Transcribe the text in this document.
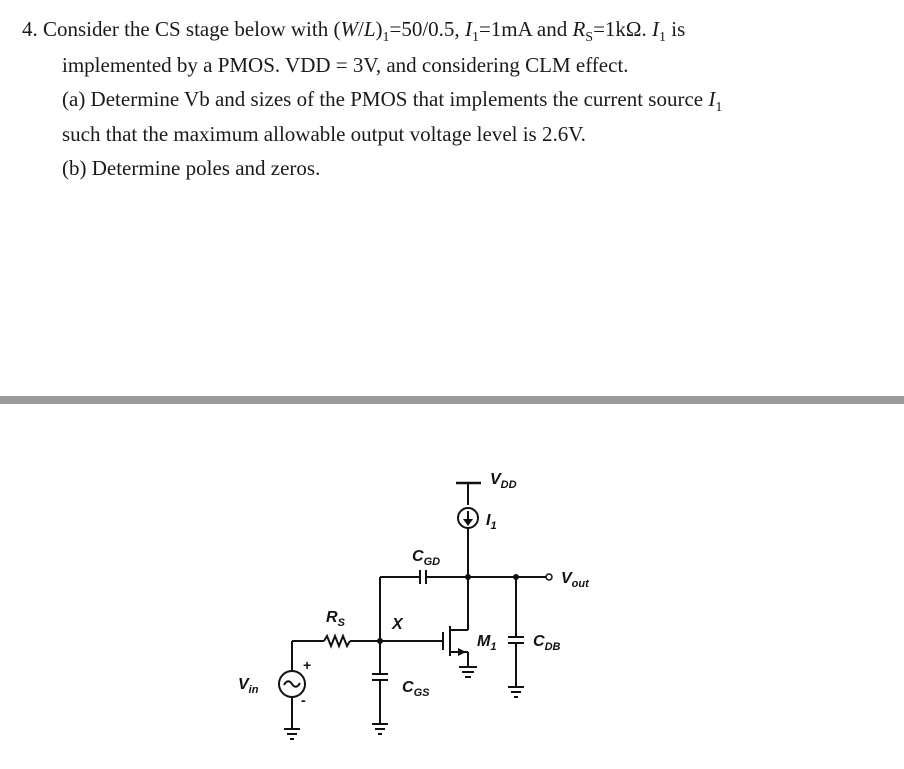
4. Consider the CS stage below with $(W/L)_1=50/0.5$, $I_1=1mA$ and $R_S=1k\Omega$. $I_1$ is
implemented by a PMOS. VDD = 3V, and considering CLM effect.
(a) Determine Vb and sizes of the PMOS that implements the current source $I_1$
such that the maximum allowable output voltage level is 2.6V.
(b) Determine poles and zeros.
$V_{DD}$
$I_1$
$V_{out}$
$C_{GD}$
X
$M_1$ $C_{DB}$
$C_{GS}$
$R_S$
+
-
$V_{in}$
